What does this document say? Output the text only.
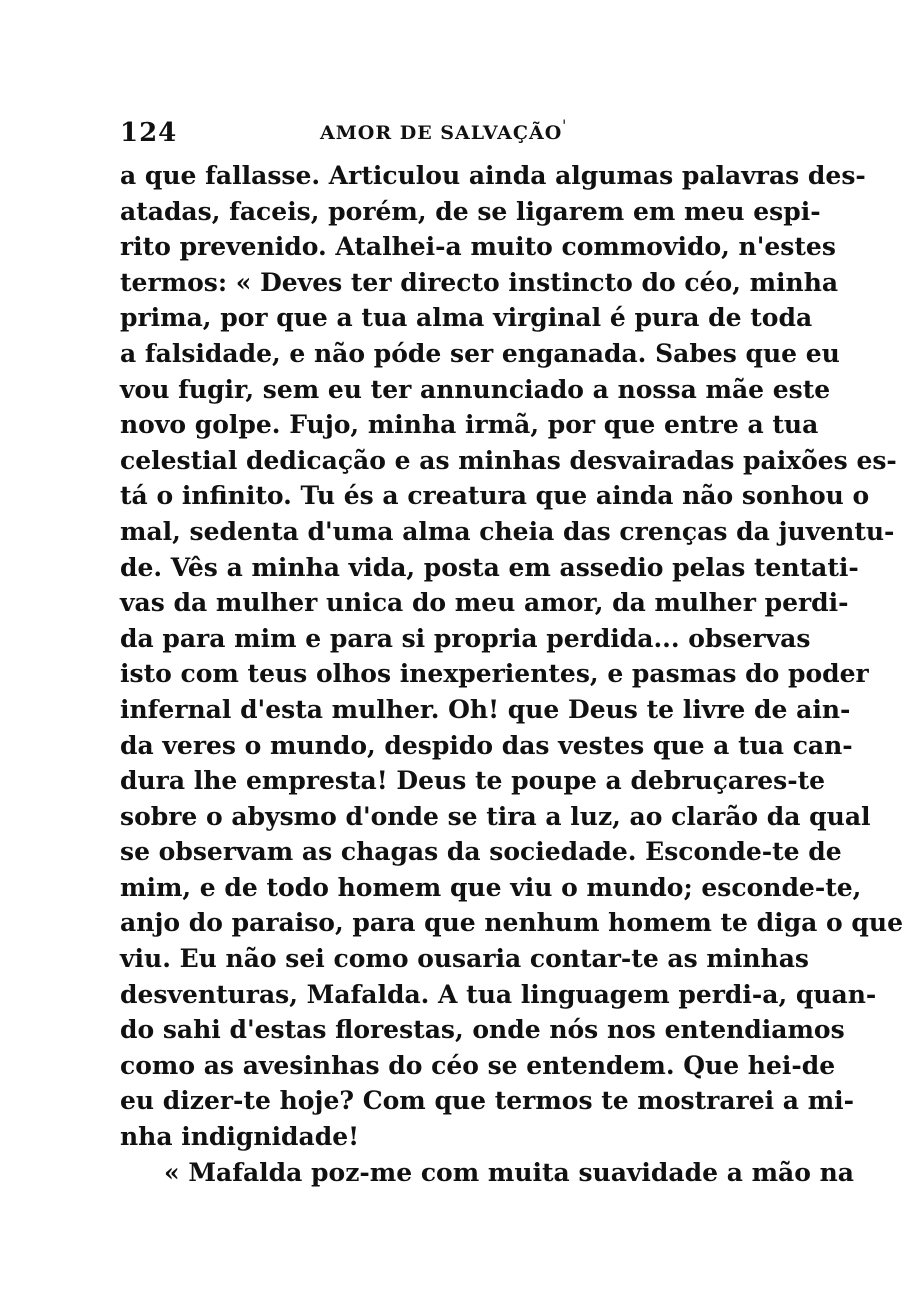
124	AMOR DE SALVAÇÃO '
a que fallasse. Articulou ainda algumas palavras des-
atadas, faceis, porém, de se ligarem em meu espi-
rito prevenido. Atalhei-a muito commovido, n'estes
termos: « Deves ter directo instincto do céo, minha
prima, por que a tua alma virginal é pura de toda
a falsidade, e não póde ser enganada. Sabes que eu
vou fugir, sem eu ter annunciado a nossa mãe este
novo golpe. Fujo, minha irmã, por que entre a tua
celestial dedicação e as minhas desvairadas paixões es-
tá o infinito. Tu és a creatura que ainda não sonhou o
mal, sedenta d'uma alma cheia das crenças da juventu-
de. Vês a minha vida, posta em assedio pelas tentati-
vas da mulher unica do meu amor, da mulher perdi-
da para mim e para si propria perdida... observas
isto com teus olhos inexperientes, e pasmas do poder
infernal d'esta mulher. Oh! que Deus te livre de ain-
da veres o mundo, despido das vestes que a tua can-
dura lhe empresta! Deus te poupe a debruçares-te
sobre o abysmo d'onde se tira a luz, ao clarão da qual
se observam as chagas da sociedade. Esconde-te de
mim, e de todo homem que viu o mundo; esconde-te,
anjo do paraiso, para que nenhum homem te diga o que
viu. Eu não sei como ousaria contar-te as minhas
desventuras, Mafalda. A tua linguagem perdi-a, quan-
do sahi d'estas florestas, onde nós nos entendiamos
como as avesinhas do céo se entendem. Que hei-de
eu dizer-te hoje? Com que termos te mostrarei a mi-
nha indignidade!
« Mafalda poz-me com muita suavidade a mão na
